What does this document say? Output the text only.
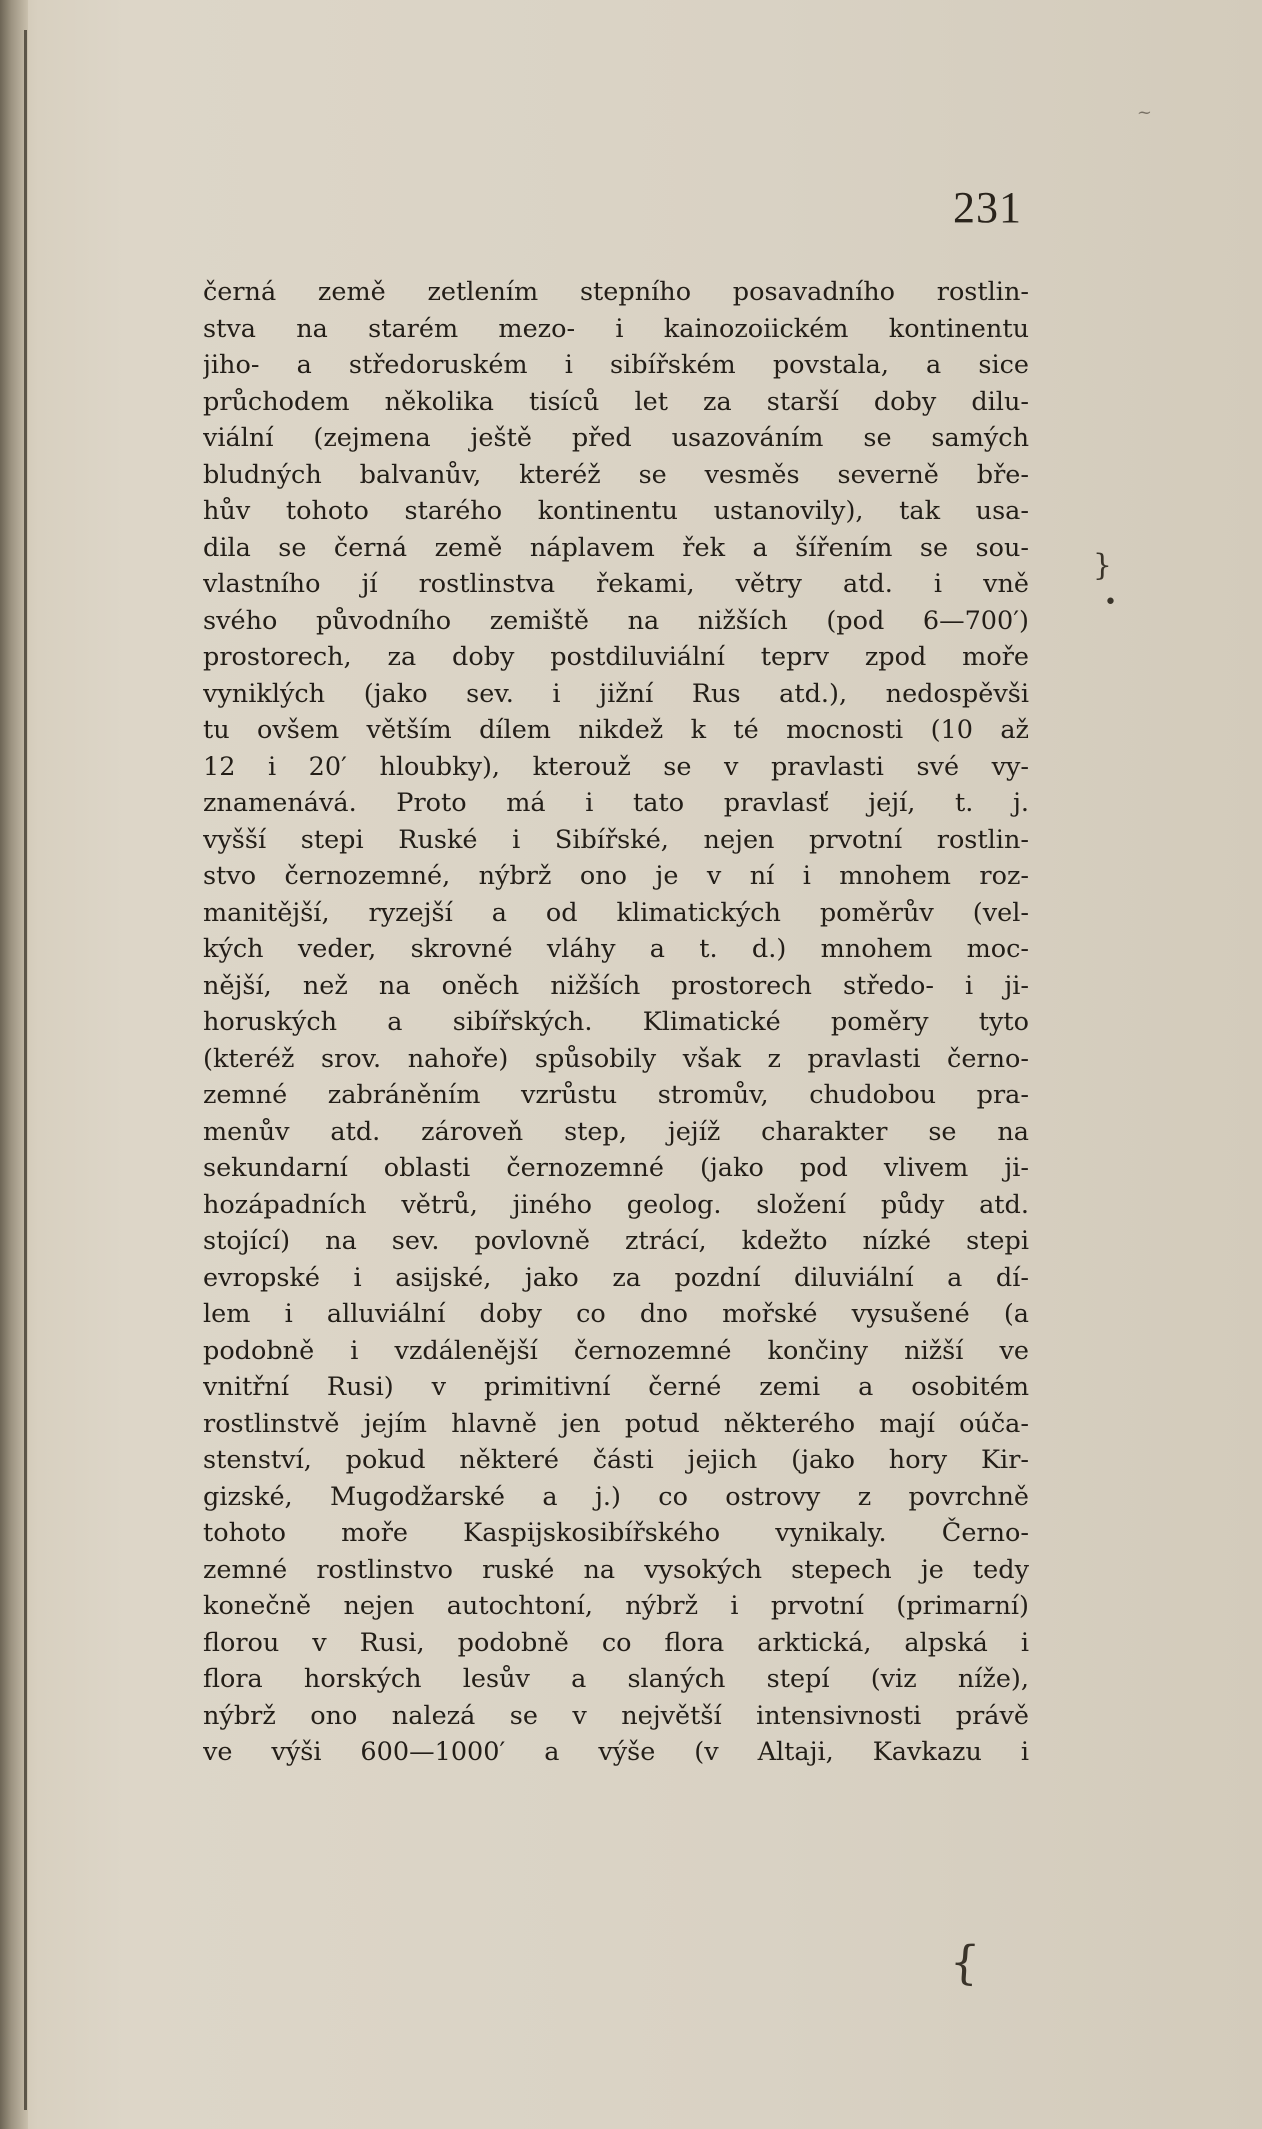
~
231
černá země zetlením stepního posavadního rostlin-
stva na starém mezo- i kainozoiickém kontinentu
jiho- a středoruském i sibířském povstala, a sice
průchodem několika tisíců let za starší doby dilu-
viální (zejmena ještě před usazováním se samých
bludných balvanův, kteréž se vesměs severně bře-
hův tohoto starého kontinentu ustanovily), tak usa-
dila se černá země náplavem řek a šířením se sou-
vlastního jí rostlinstva řekami, větry atd. i vně
svého původního zemiště na nižších (pod 6—700′)
prostorech, za doby postdiluviální teprv zpod moře
vyniklých (jako sev. i jižní Rus atd.), nedospěvši
tu ovšem větším dílem nikdež k té mocnosti (10 až
12 i 20′ hloubky), kterouž se v pravlasti své vy-
znamenává. Proto má i tato pravlasť její, t. j.
vyšší stepi Ruské i Sibířské, nejen prvotní rostlin-
stvo černozemné, nýbrž ono je v ní i mnohem roz-
manitější, ryzejší a od klimatických poměrův (vel-
kých veder, skrovné vláhy a t. d.) mnohem moc-
nější, než na oněch nižších prostorech středo- i ji-
horuských a sibířských. Klimatické poměry tyto
(kteréž srov. nahoře) spůsobily však z pravlasti černo-
zemné zabráněním vzrůstu stromův, chudobou pra-
menův atd. zároveň step, jejíž charakter se na
sekundarní oblasti černozemné (jako pod vlivem ji-
hozápadních větrů, jiného geolog. složení půdy atd.
stojící) na sev. povlovně ztrácí, kdežto nízké stepi
evropské i asijské, jako za pozdní diluviální a dí-
lem i alluviální doby co dno mořské vysušené (a
podobně i vzdálenější černozemné končiny nižší ve
vnitřní Rusi) v primitivní černé zemi a osobitém
rostlinstvě jejím hlavně jen potud některého mají oúča-
stenství, pokud některé části jejich (jako hory Kir-
gizské, Mugodžarské a j.) co ostrovy z povrchně
tohoto moře Kaspijskosibířského vynikaly. Černo-
zemné rostlinstvo ruské na vysokých stepech je tedy
konečně nejen autochtoní, nýbrž i prvotní (primarní)
florou v Rusi, podobně co flora arktická, alpská i
flora horských lesův a slaných stepí (viz níže),
nýbrž ono nalezá se v největší intensivnosti právě
ve výši 600—1000′ a výše (v Altaji, Kavkazu i
}
•
{
